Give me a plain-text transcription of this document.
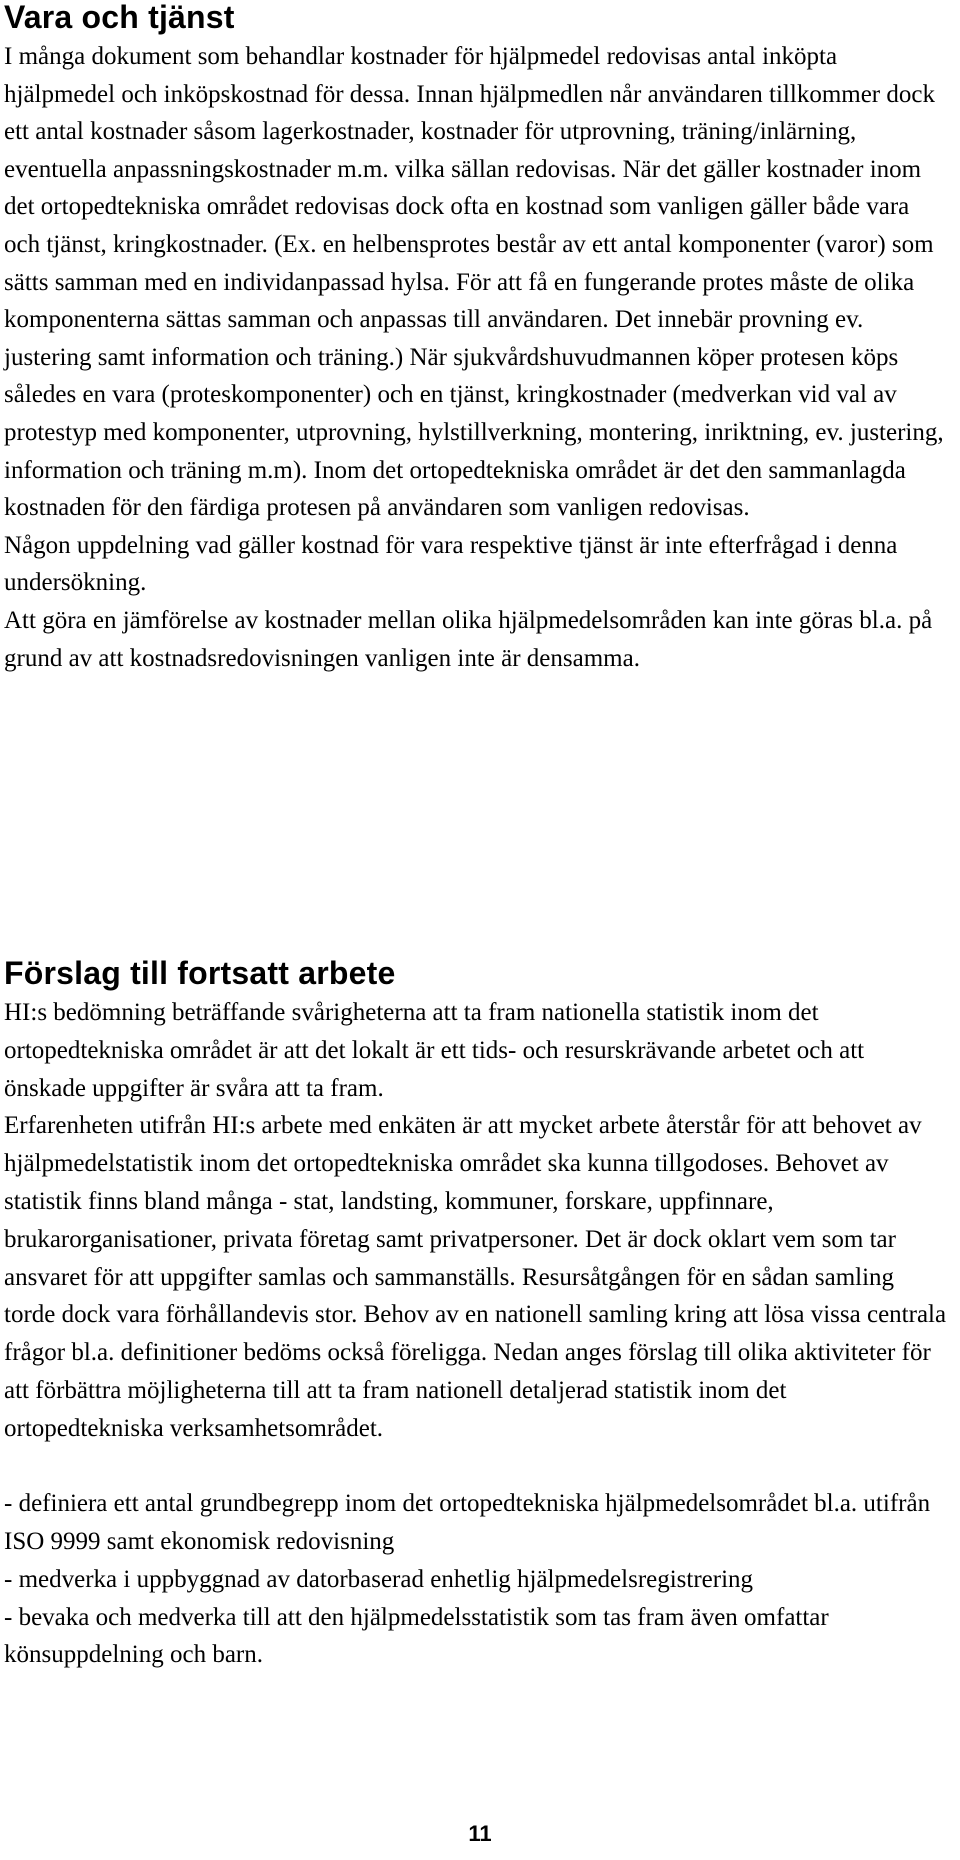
Vara och tjänst

I många dokument som behandlar kostnader för hjälpmedel redovisas antal inköpta hjälpmedel och inköpskostnad för dessa. Innan hjälpmedlen når användaren tillkommer dock ett antal kostnader såsom lagerkostnader, kostnader för utprovning, träning/inlärning, eventuella anpassningskostnader m.m. vilka sällan redovisas. När det gäller kostnader inom det ortopedtekniska området redovisas dock ofta en kostnad som vanligen gäller både vara och tjänst, kringkostnader. (Ex. en helbensprotes består av ett antal komponenter (varor) som sätts samman med en individanpassad hylsa. För att få en fungerande protes måste de olika komponenterna sättas samman och anpassas till användaren. Det innebär provning ev. justering samt information och träning.) När sjukvårdshuvudmannen köper protesen köps således en vara (proteskomponenter) och en tjänst, kringkostnader (medverkan vid val av protestyp med komponenter, utprovning, hylstillverkning, montering, inriktning, ev. justering, information och träning m.m). Inom det ortopedtekniska området är det den sammanlagda kostnaden för den färdiga protesen på användaren som vanligen redovisas.

Någon uppdelning vad gäller kostnad för vara respektive tjänst är inte efterfrågad i denna undersökning.

Att göra en jämförelse av kostnader mellan olika hjälpmedelsområden kan inte göras bl.a. på grund av att kostnadsredovisningen vanligen inte är densamma.

Förslag till fortsatt arbete

HI:s bedömning beträffande svårigheterna att ta fram nationella statistik inom det ortopedtekniska området är att det lokalt är ett tids- och resurskrävande arbetet och att önskade uppgifter är svåra att ta fram.

Erfarenheten utifrån HI:s arbete med enkäten är att mycket arbete återstår för att behovet av hjälpmedelstatistik inom det ortopedtekniska området ska kunna tillgodoses. Behovet av statistik finns bland många - stat, landsting, kommuner, forskare, uppfinnare, brukarorganisationer, privata företag samt privatpersoner. Det är dock oklart vem som tar ansvaret för att uppgifter samlas och sammanställs. Resursåtgången för en sådan samling torde dock vara förhållandevis stor. Behov av en nationell samling kring att lösa vissa centrala frågor bl.a. definitioner bedöms också föreligga. Nedan anges förslag till olika aktiviteter för att förbättra möjligheterna till att ta fram nationell detaljerad statistik inom det ortopedtekniska verksamhetsområdet.

- definiera ett antal grundbegrepp inom det ortopedtekniska hjälpmedelsområdet bl.a. utifrån ISO 9999 samt ekonomisk redovisning

- medverka i uppbyggnad av datorbaserad enhetlig hjälpmedelsregistrering

- bevaka och medverka till att den hjälpmedelsstatistik som tas fram även omfattar könsuppdelning och barn.

11
